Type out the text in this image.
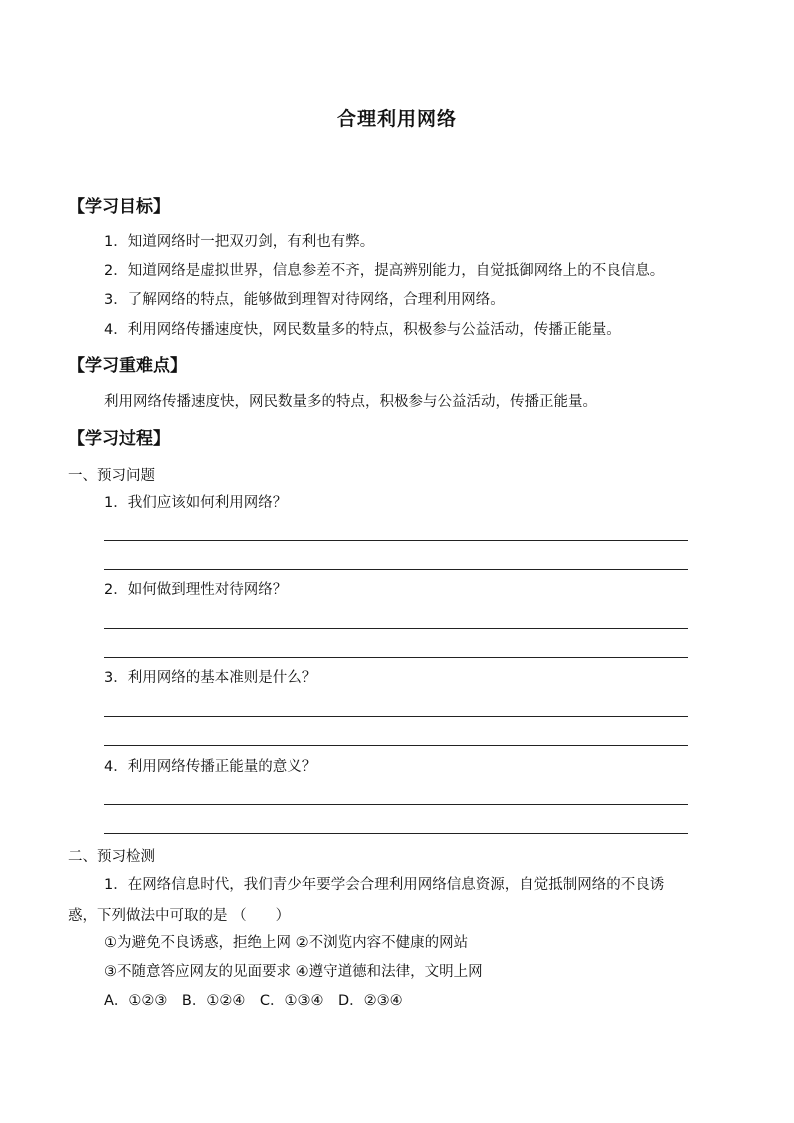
合理利用网络
【学习目标】
1．知道网络时一把双刃剑，有利也有弊。
2．知道网络是虚拟世界，信息参差不齐，提高辨别能力，自觉抵御网络上的不良信息。
3．了解网络的特点，能够做到理智对待网络，合理利用网络。
4．利用网络传播速度快，网民数量多的特点，积极参与公益活动，传播正能量。
【学习重难点】
利用网络传播速度快，网民数量多的特点，积极参与公益活动，传播正能量。
【学习过程】
一、预习问题
1．我们应该如何利用网络？
2．如何做到理性对待网络？
3．利用网络的基本准则是什么？
4．利用网络传播正能量的意义？
二、预习检测
1．在网络信息时代，我们青少年要学会合理利用网络信息资源，自觉抵制网络的不良诱
惑，下列做法中可取的是 （　　）
①为避免不良诱惑，拒绝上网 ②不浏览内容不健康的网站
③不随意答应网友的见面要求 ④遵守道德和法律，文明上网
A．①②③　B．①②④　C．①③④　D．②③④
